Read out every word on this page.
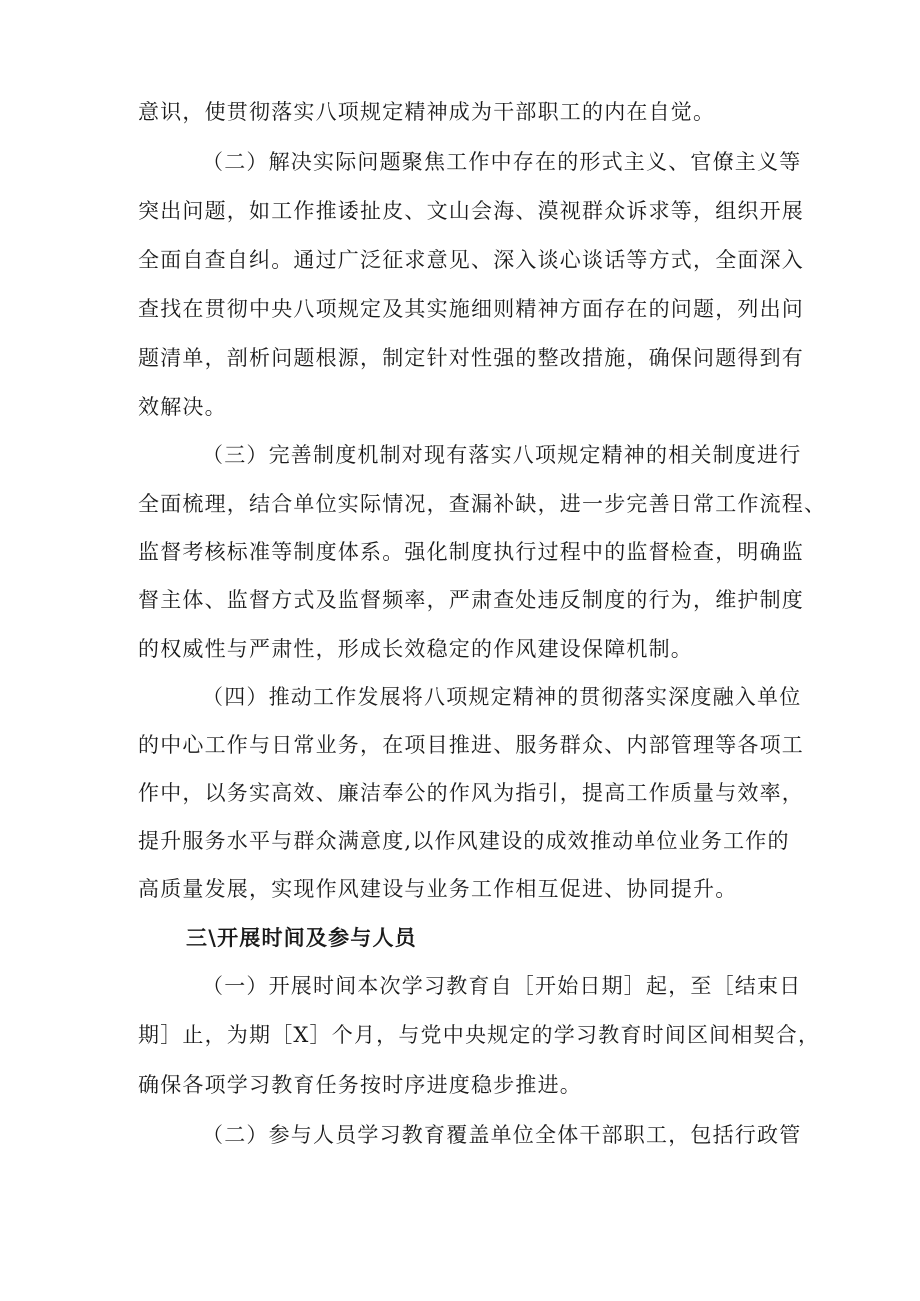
意识，使贯彻落实八项规定精神成为干部职工的内在自觉。
（二）解决实际问题聚焦工作中存在的形式主义、官僚主义等
突出问题，如工作推诿扯皮、文山会海、漠视群众诉求等，组织开展
全面自查自纠。通过广泛征求意见、深入谈心谈话等方式，全面深入
查找在贯彻中央八项规定及其实施细则精神方面存在的问题，列出问
题清单，剖析问题根源，制定针对性强的整改措施，确保问题得到有
效解决。
（三）完善制度机制对现有落实八项规定精神的相关制度进行
全面梳理，结合单位实际情况，查漏补缺，进一步完善日常工作流程、
监督考核标准等制度体系。强化制度执行过程中的监督检查，明确监
督主体、监督方式及监督频率，严肃查处违反制度的行为，维护制度
的权威性与严肃性，形成长效稳定的作风建设保障机制。
（四）推动工作发展将八项规定精神的贯彻落实深度融入单位
的中心工作与日常业务，在项目推进、服务群众、内部管理等各项工
作中，以务实高效、廉洁奉公的作风为指引，提高工作质量与效率，
提升服务水平与群众满意度,以作风建设的成效推动单位业务工作的
高质量发展，实现作风建设与业务工作相互促进、协同提升。
三\开展时间及参与人员
（一）开展时间本次学习教育自［开始日期］起，至［结束日
期］止，为期［X］个月，与党中央规定的学习教育时间区间相契合，
确保各项学习教育任务按时序进度稳步推进。
（二）参与人员学习教育覆盖单位全体干部职工，包括行政管
